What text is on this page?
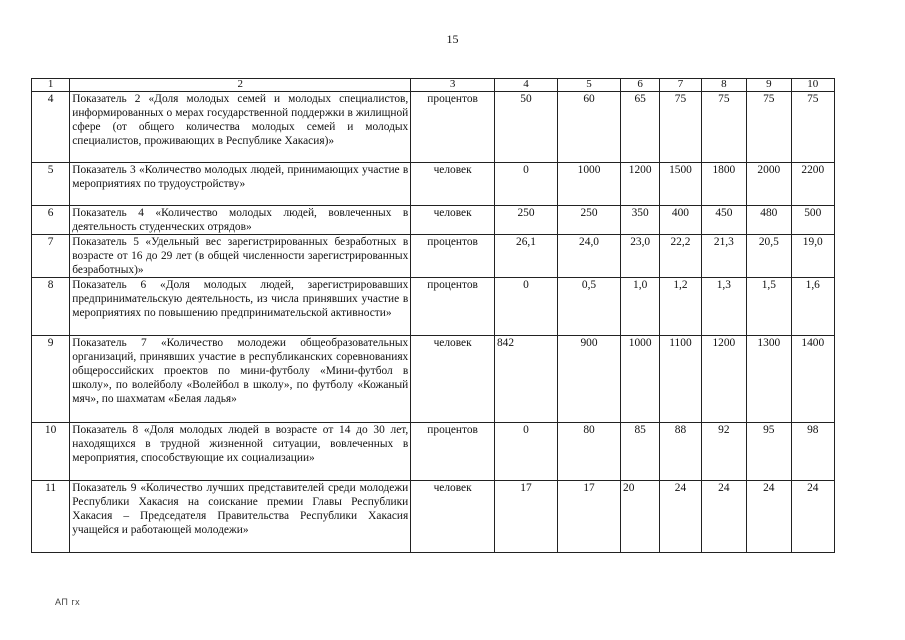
15
1	2	3	4	5	6	7	8	9	10
4	Показатель 2 «Доля молодых семей и молодых специалистов, информированных о мерах государственной поддержки в жилищной сфере (от общего количества молодых семей и молодых специалистов, проживающих в Республике Хакасия)»	процентов	50	60	65	75	75	75	75
5	Показатель 3 «Количество молодых людей, принимающих участие в мероприятиях по трудоустройству»	человек	0	1000	1200	1500	1800	2000	2200
6	Показатель 4 «Количество молодых людей, вовлеченных в деятельность студенческих отрядов»	человек	250	250	350	400	450	480	500
7	Показатель 5 «Удельный вес зарегистрированных безработных в возрасте от 16 до 29 лет (в общей численности зарегистрированных безработных)»	процентов	26,1	24,0	23,0	22,2	21,3	20,5	19,0
8	Показатель 6 «Доля молодых людей, зарегистрировавших предпринимательскую деятельность, из числа принявших участие в мероприятиях по повышению предпринимательской активности»	процентов	0	0,5	1,0	1,2	1,3	1,5	1,6
9	Показатель 7 «Количество молодежи общеобразовательных организаций, принявших участие в республиканских соревнованиях общероссийских проектов по мини-футболу «Мини-футбол в школу», по волейболу «Волейбол в школу», по футболу «Кожаный мяч», по шахматам «Белая ладья»	человек	842	900	1000	1100	1200	1300	1400
10	Показатель 8 «Доля молодых людей в возрасте от 14 до 30 лет, находящихся в трудной жизненной ситуации, вовлеченных в мероприятия, способствующие их социализации»	процентов	0	80	85	88	92	95	98
11	Показатель 9 «Количество лучших представителей среди молодежи Республики Хакасия на соискание премии Главы Республики Хакасия – Председателя Правительства Республики Хакасия учащейся и работающей молодежи»	человек	17	17	20	24	24	24	24
АП гх
